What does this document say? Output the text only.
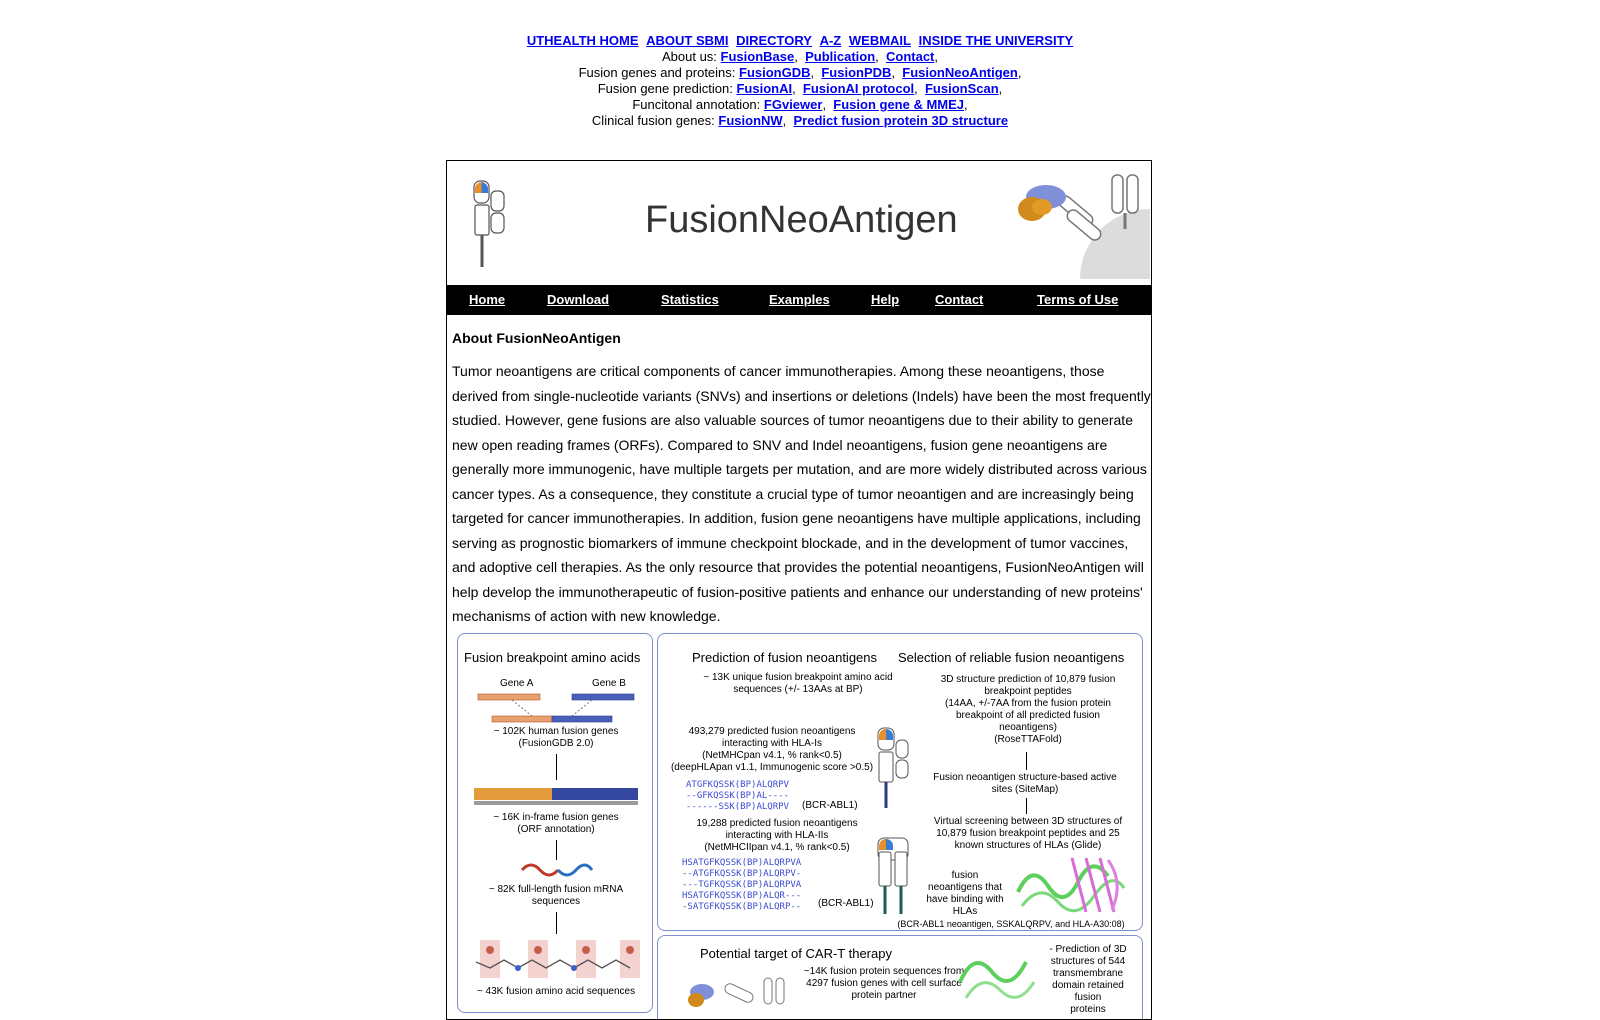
UTHEALTH HOME ABOUT SBMI DIRECTORY A-Z WEBMAIL INSIDE THE UNIVERSITY
About us: FusionBase,  Publication,  Contact,
Fusion genes and proteins: FusionGDB,  FusionPDB,  FusionNeoAntigen,
Fusion gene prediction: FusionAI,  FusionAI protocol,  FusionScan,
Funcitonal annotation: FGviewer,  Fusion gene & MMEJ,
Clinical fusion genes: FusionNW,  Predict fusion protein 3D structure
FusionNeoAntigen
Home	Download	Statistics	Examples	Help	Contact	Terms of Use
About FusionNeoAntigen

Tumor neoantigens are critical components of cancer immunotherapies. Among these neoantigens, those derived from single-nucleotide variants (SNVs) and insertions or deletions (Indels) have been the most frequently studied. However, gene fusions are also valuable sources of tumor neoantigens due to their ability to generate new open reading frames (ORFs). Compared to SNV and Indel neoantigens, fusion gene neoantigens are generally more immunogenic, have multiple targets per mutation, and are more widely distributed across various cancer types. As a consequence, they constitute a crucial type of tumor neoantigen and are increasingly being targeted for cancer immunotherapies. In addition, fusion gene neoantigens have multiple applications, including serving as prognostic biomarkers of immune checkpoint blockade, and in the development of tumor vaccines, and adoptive cell therapies. As the only resource that provides the potential neoantigens, FusionNeoAntigen will help develop the immunotherapeutic of fusion-positive patients and enhance our understanding of new proteins' mechanisms of action with new knowledge.

Fusion breakpoint amino acids
Gene A	Gene B
~ 102K human fusion genes
(FusionGDB 2.0)
~ 16K in-frame fusion genes
(ORF annotation)
~ 82K full-length fusion mRNA
sequences
~ 43K fusion amino acid sequences
Prediction of fusion neoantigens Selection of reliable fusion neoantigens
~ 13K unique fusion breakpoint amino acid
sequences (+/- 13AAs at BP)
493,279 predicted fusion neoantigens
interacting with HLA-Is
(NetMHCpan v4.1, % rank<0.5)
(deepHLApan v1.1, Immunogenic score >0.5)
ATGFKQSSK(BP)ALQRPV
--GFKQSSK(BP)AL----
------SSK(BP)ALQRPV (BCR-ABL1)
19,288 predicted fusion neoantigens
interacting with HLA-IIs
(NetMHCIIpan v4.1, % rank<0.5)
HSATGFKQSSK(BP)ALQRPVA
--ATGFKQSSK(BP)ALQRPV-
---TGFKQSSK(BP)ALQRPVA
HSATGFKQSSK(BP)ALQR---
-SATGFKQSSK(BP)ALQRP-- (BCR-ABL1)
3D structure prediction of 10,879 fusion
breakpoint peptides
(14AA, +/-7AA from the fusion protein
breakpoint of all predicted fusion
neoantigens)
(RoseTTAFold)
Fusion neoantigen structure-based active
sites (SiteMap)
Virtual screening between 3D structures of
10,879 fusion breakpoint peptides and 25
known structures of HLAs (Glide)
fusion
neoantigens that
have binding with
HLAs
(BCR-ABL1 neoantigen, SSKALQRPV, and HLA-A30:08)
Potential target of CAR-T therapy
~14K fusion protein sequences from
4297 fusion genes with cell surface
protein partner
- Prediction of 3D
structures of 544
transmembrane
domain retained fusion
proteins
